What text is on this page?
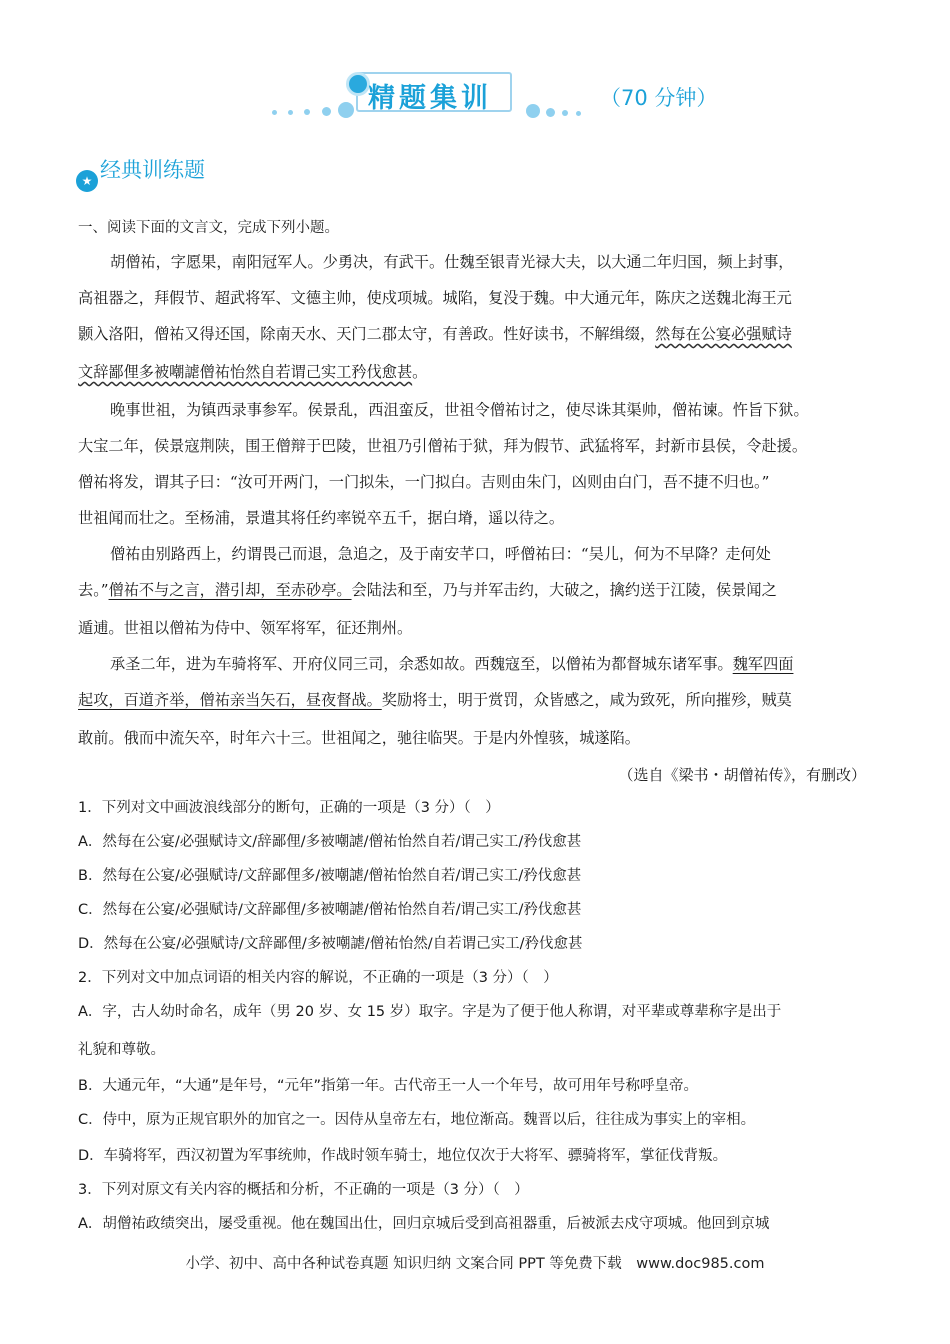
精题集训	（70 分钟）
★ 经典训练题
一、阅读下面的文言文，完成下列小题。
胡僧祐，字愿果，南阳冠军人。少勇决，有武干。仕魏至银青光禄大夫，以大通二年归国，频上封事，
高祖器之，拜假节、超武将军、文德主帅，使戍项城。城陷，复没于魏。中大通元年，陈庆之送魏北海王元
颢入洛阳，僧祐又得还国，除南天水、天门二郡太守，有善政。性好读书，不解缉缀，然每在公宴必强赋诗
文辞鄙俚多被嘲謔僧祐怡然自若谓己实工矜伐愈甚。
晚事世祖，为镇西录事参军。侯景乱，西沮蛮反，世祖令僧祐讨之，使尽诛其渠帅，僧祐谏。忤旨下狱。
大宝二年，侯景寇荆陕，围王僧辩于巴陵，世祖乃引僧祐于狱，拜为假节、武猛将军，封新市县侯，令赴援。
僧祐将发，谓其子曰：“汝可开两门，一门拟朱，一门拟白。吉则由朱门，凶则由白门，吾不捷不归也。”
世祖闻而壮之。至杨浦，景遣其将任约率锐卒五千，据白塉，遥以待之。
僧祐由别路西上，约谓畏己而退，急追之，及于南安芊口，呼僧祐曰：“吴儿，何为不早降？走何处
去。”僧祐不与之言，潜引却，至赤砂亭。会陆法和至，乃与并军击约，大破之，擒约送于江陵，侯景闻之
遁逋。世祖以僧祐为侍中、领军将军，征还荆州。
承圣二年，进为车骑将军、开府仪同三司，余悉如故。西魏寇至，以僧祐为都督城东诸军事。魏军四面
起攻，百道齐举，僧祐亲当矢石，昼夜督战。奖励将士，明于赏罚，众皆感之，咸为致死，所向摧殄，贼莫
敢前。俄而中流矢卒，时年六十三。世祖闻之，驰往临哭。于是内外惶骇，城遂陷。
（选自《梁书・胡僧祐传》，有删改）
1．下列对文中画波浪线部分的断句，正确的一项是（3 分）（　）
A．然每在公宴/必强赋诗文/辞鄙俚/多被嘲謔/僧祐怡然自若/谓己实工/矜伐愈甚
B．然每在公宴/必强赋诗/文辞鄙俚多/被嘲謔/僧祐怡然自若/谓己实工/矜伐愈甚
C．然每在公宴/必强赋诗/文辞鄙俚/多被嘲謔/僧祐怡然自若/谓己实工/矜伐愈甚
D．然每在公宴/必强赋诗/文辞鄙俚/多被嘲謔/僧祐怡然/自若谓己实工/矜伐愈甚
2．下列对文中加点词语的相关内容的解说，不正确的一项是（3 分）（　）
A．字，古人幼时命名，成年（男 20 岁、女 15 岁）取字。字是为了便于他人称谓，对平辈或尊辈称字是出于
礼貌和尊敬。
B．大通元年，“大通”是年号，“元年”指第一年。古代帝王一人一个年号，故可用年号称呼皇帝。
C．侍中，原为正规官职外的加官之一。因侍从皇帝左右，地位渐高。魏晋以后，往往成为事实上的宰相。
D．车骑将军，西汉初置为军事统帅，作战时领车骑士，地位仅次于大将军、骠骑将军，掌征伐背叛。
3．下列对原文有关内容的概括和分析，不正确的一项是（3 分）（　）
A．胡僧祐政绩突出，屡受重视。他在魏国出仕，回归京城后受到高祖器重，后被派去戍守项城。他回到京城
小学、初中、高中各种试卷真题 知识归纳 文案合同 PPT 等免费下载　www.doc985.com
